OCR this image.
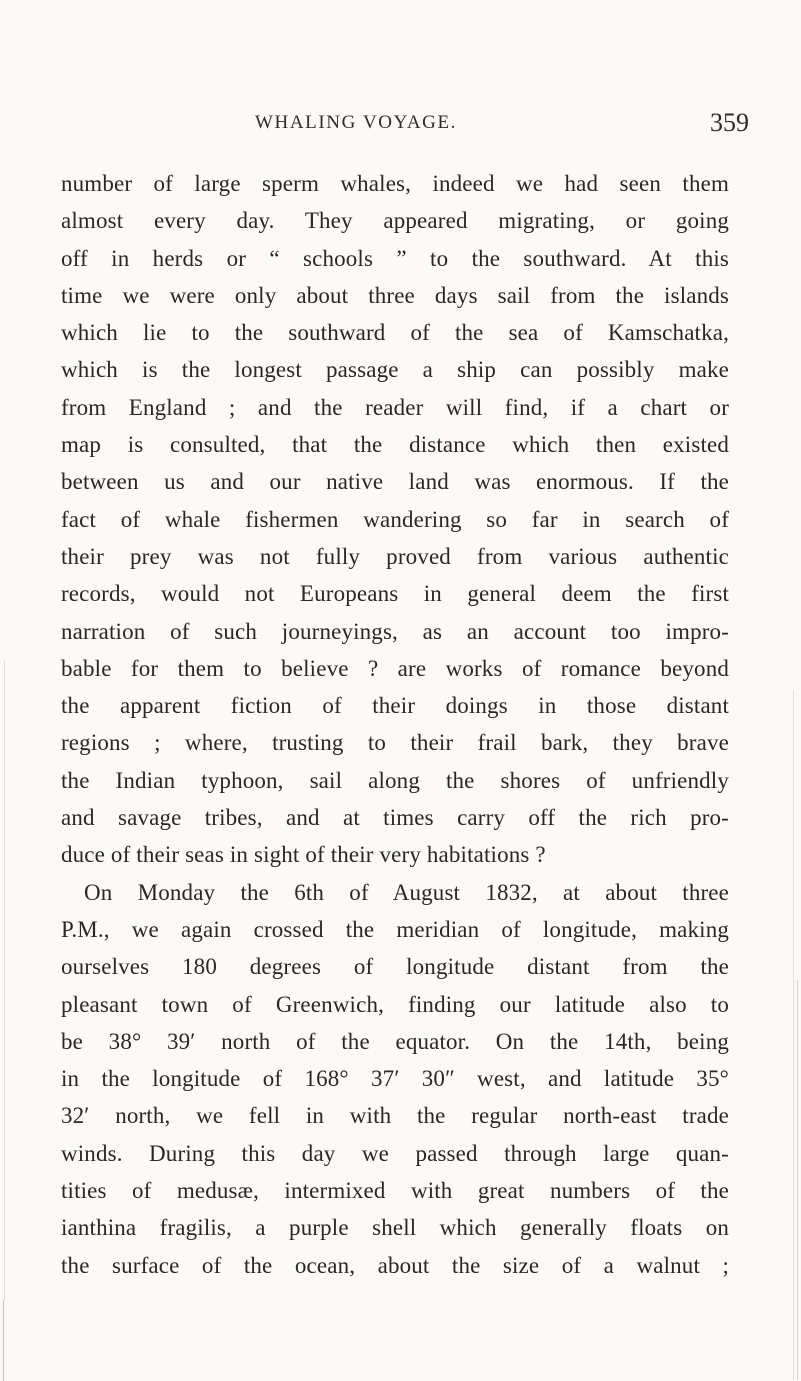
WHALING VOYAGE.	359
number of large sperm whales, indeed we had seen them
almost every day. They appeared migrating, or going
off in herds or “ schools ” to the southward. At this
time we were only about three days sail from the islands
which lie to the southward of the sea of Kamschatka,
which is the longest passage a ship can possibly make
from England ; and the reader will find, if a chart or
map is consulted, that the distance which then existed
between us and our native land was enormous. If the
fact of whale fishermen wandering so far in search of
their prey was not fully proved from various authentic
records, would not Europeans in general deem the first
narration of such journeyings, as an account too impro-
bable for them to believe ? are works of romance beyond
the apparent fiction of their doings in those distant
regions ; where, trusting to their frail bark, they brave
the Indian typhoon, sail along the shores of unfriendly
and savage tribes, and at times carry off the rich pro-
duce of their seas in sight of their very habitations ?
On Monday the 6th of August 1832, at about three
P.M., we again crossed the meridian of longitude, making
ourselves 180 degrees of longitude distant from the
pleasant town of Greenwich, finding our latitude also to
be 38° 39′ north of the equator. On the 14th, being
in the longitude of 168° 37′ 30″ west, and latitude 35°
32′ north, we fell in with the regular north-east trade
winds. During this day we passed through large quan-
tities of medusæ, intermixed with great numbers of the
ianthina fragilis, a purple shell which generally floats on
the surface of the ocean, about the size of a walnut ;
